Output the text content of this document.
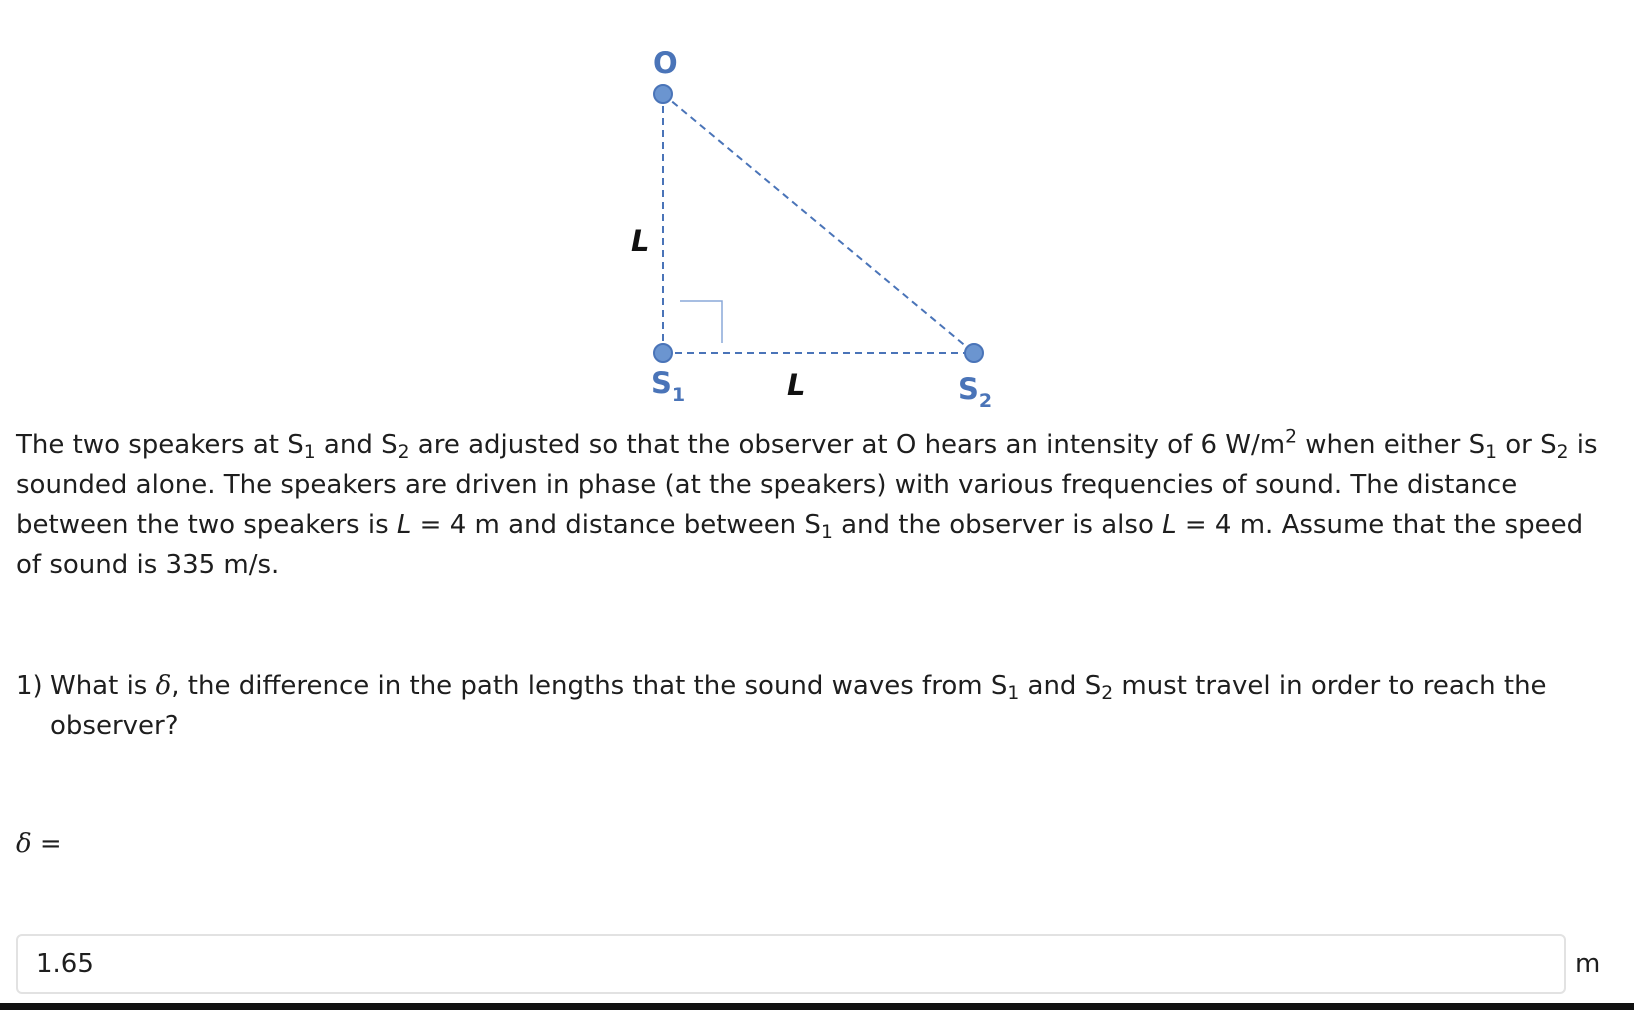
O
$S_1$	$S_2$
L
L

The two speakers at $S_1$ and $S_2$ are adjusted so that the observer at O hears an intensity of 6 $W/m^2$ when either $S_1$ or $S_2$ is sounded alone. The speakers are driven in phase (at the speakers) with various frequencies of sound. The distance between the two speakers is L = 4 m and distance between $S_1$ and the observer is also L = 4 m. Assume that the speed of sound is 335 m/s.

1) What is δ, the difference in the path lengths that the sound waves from $S_1$ and $S_2$ must travel in order to reach the observer?
δ =
1.65
m
